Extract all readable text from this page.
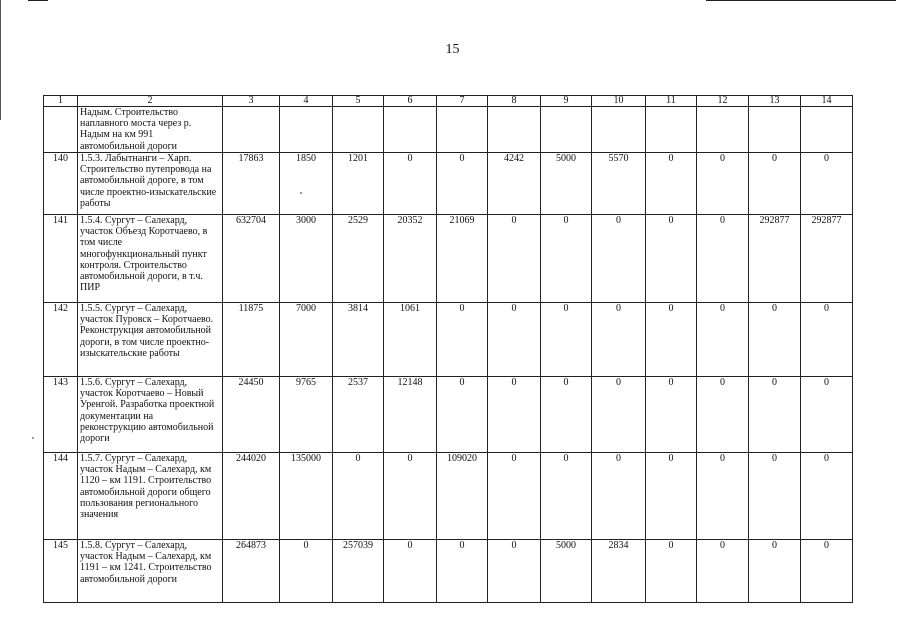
15
1	2	3	4	5	6	7	8	9	10	11	12	13	14
	Надым. Строительство наплавного моста через р. Надым на км 991 автомобильной дороги												
140	1.5.3. Лабытнанги – Харп. Строительство путепровода на автомобильной дороге, в том числе проектно-изыскательские работы	17863	1850	1201	0	0	4242	5000	5570	0	0	0	0
141	1.5.4. Сургут – Салехард, участок Объезд Коротчаево, в том числе многофункциональный пункт контроля. Строительство автомобильной дороги, в т.ч. ПИР	632704	3000	2529	20352	21069	0	0	0	0	0	292877	292877
142	1.5.5. Сургут – Салехард, участок Пуровск – Коротчаево. Реконструкция автомобильной дороги, в том числе проектно-изыскательские работы	11875	7000	3814	1061	0	0	0	0	0	0	0	0
143	1.5.6. Сургут – Салехард, участок Коротчаево – Новый Уренгой. Разработка проектной документации на реконструкцию автомобильной дороги	24450	9765	2537	12148	0	0	0	0	0	0	0	0
144	1.5.7. Сургут – Салехард, участок Надым – Салехард, км 1120 – км 1191. Строительство автомобильной дороги общего пользования регионального значения	244020	135000	0	0	109020	0	0	0	0	0	0	0
145	1.5.8. Сургут – Салехард, участок Надым – Салехард, км 1191 – км 1241. Строительство автомобильной дороги	264873	0	257039	0	0	0	5000	2834	0	0	0	0
